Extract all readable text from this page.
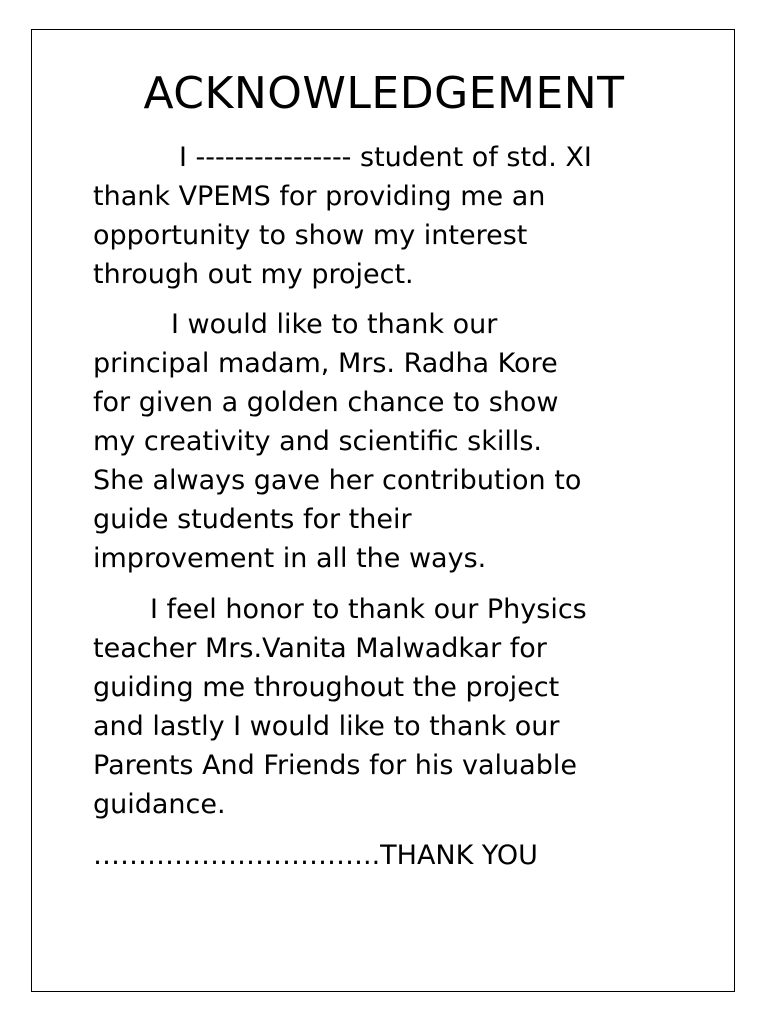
ACKNOWLEDGEMENT

I ---------------- student of std. XI
thank VPEMS for providing me an
opportunity to show my interest
through out my project.

I would like to thank our
principal madam, Mrs. Radha Kore
for given a golden chance to show
my creativity and scientific skills.
She always gave her contribution to
guide students for their
improvement in all the ways.

I feel honor to thank our Physics
teacher Mrs.Vanita Malwadkar for
guiding me throughout the project
and lastly I would like to thank our
Parents And Friends for his valuable
guidance.

…………………………..THANK YOU
